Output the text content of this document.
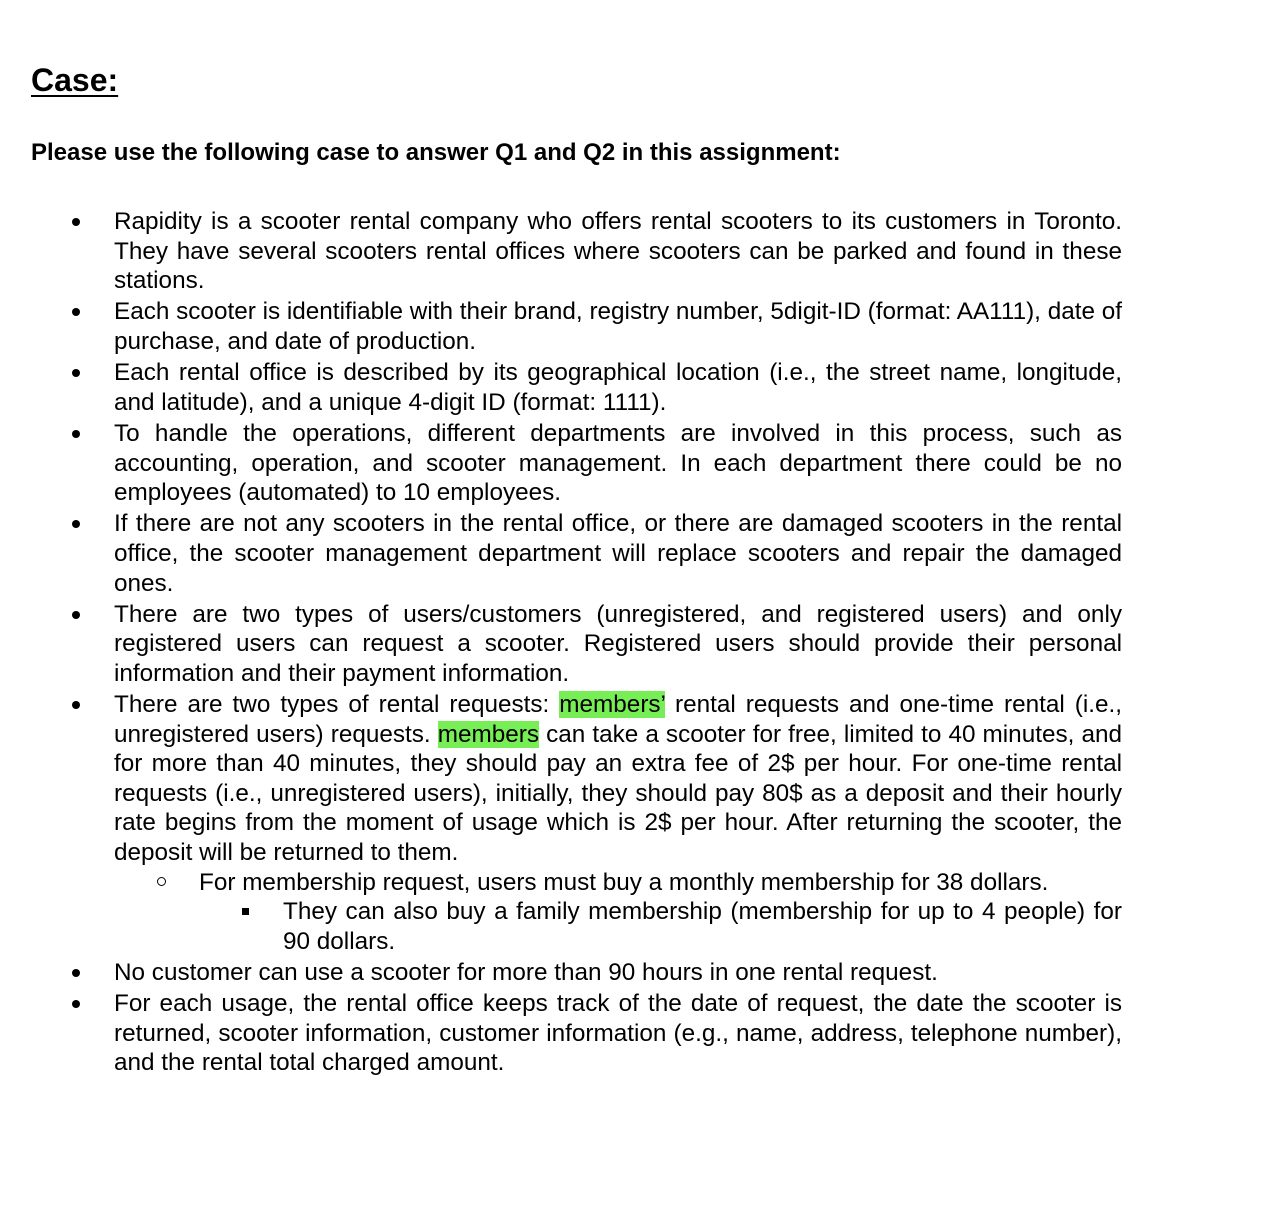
Case:

Please use the following case to answer Q1 and Q2 in this assignment:

Rapidity is a scooter rental company who offers rental scooters to its customers in Toronto. They have several scooters rental offices where scooters can be parked and found in these stations.
Each scooter is identifiable with their brand, registry number, 5digit-ID (format: AA111), date of purchase, and date of production.
Each rental office is described by its geographical location (i.e., the street name, longitude, and latitude), and a unique 4-digit ID (format: 1111).
To handle the operations, different departments are involved in this process, such as accounting, operation, and scooter management. In each department there could be no employees (automated) to 10 employees.
If there are not any scooters in the rental office, or there are damaged scooters in the rental office, the scooter management department will replace scooters and repair the damaged ones.
There are two types of users/customers (unregistered, and registered users) and only registered users can request a scooter. Registered users should provide their personal information and their payment information.
There are two types of rental requests: members’ rental requests and one-time rental (i.e., unregistered users) requests. members can take a scooter for free, limited to 40 minutes, and for more than 40 minutes, they should pay an extra fee of 2$ per hour. For one-time rental requests (i.e., unregistered users), initially, they should pay 80$ as a deposit and their hourly rate begins from the moment of usage which is 2$ per hour. After returning the scooter, the deposit will be returned to them.
For membership request, users must buy a monthly membership for 38 dollars.
They can also buy a family membership (membership for up to 4 people) for 90 dollars.
No customer can use a scooter for more than 90 hours in one rental request.
For each usage, the rental office keeps track of the date of request, the date the scooter is returned, scooter information, customer information (e.g., name, address, telephone number), and the rental total charged amount.
